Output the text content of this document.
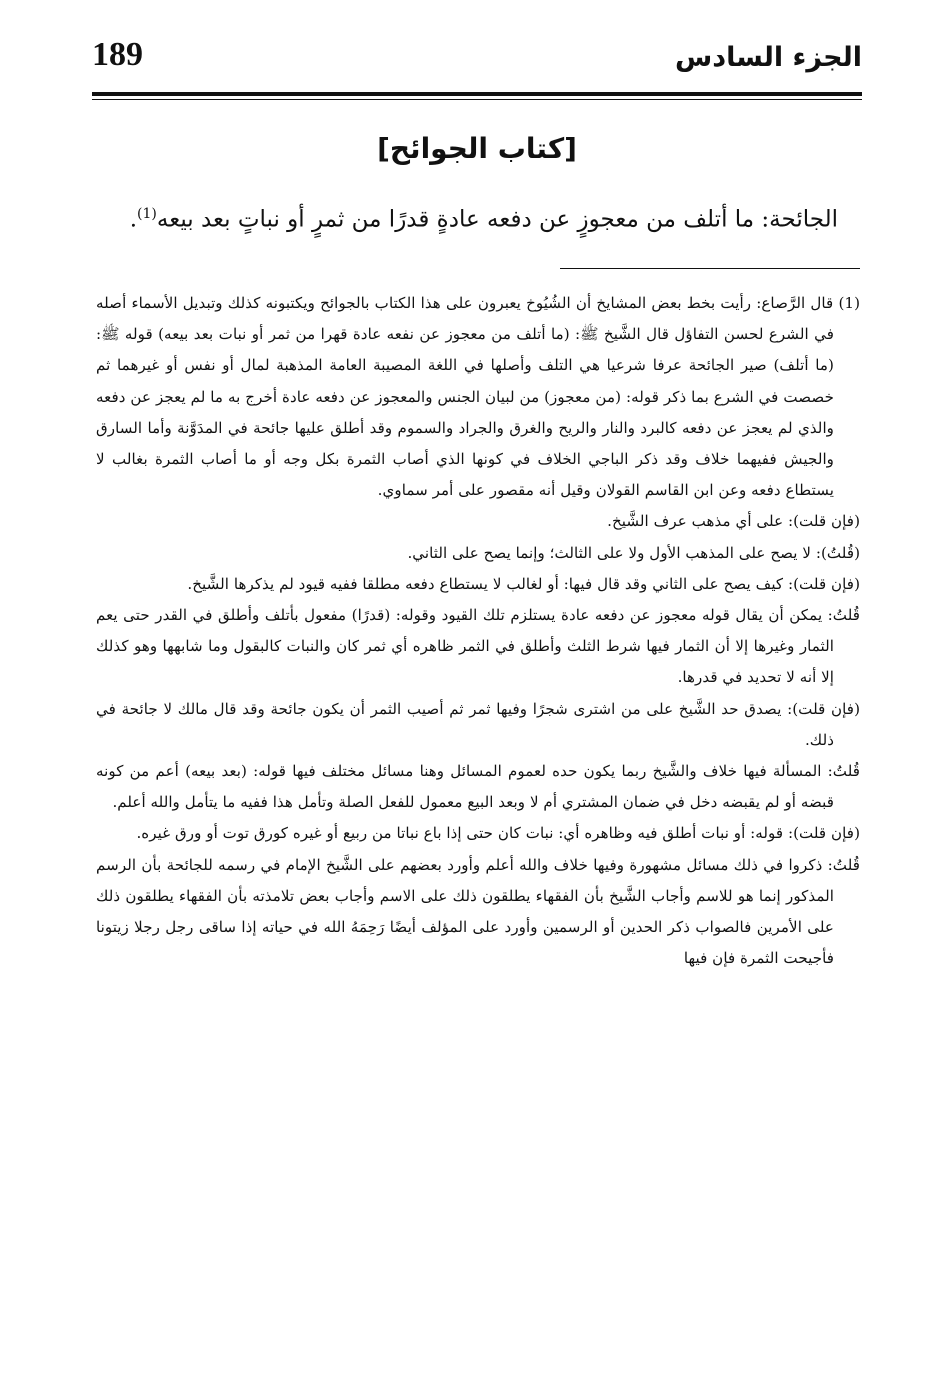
189	الجزء السادس
[كتاب الجوائح]
الجائحة: ما أتلف من معجوزٍ عن دفعه عادةٍ قدرًا من ثمرٍ أو نباتٍ بعد بيعه$^{(1)}$.

(1) قال الرَّصاع: رأيت بخط بعض المشايخ أن الشُيُوخ يعبرون على هذا الكتاب بالجوائح ويكتبونه كذلك وتبديل الأسماء أصله في الشرع لحسن التفاؤل قال الشَّيخ ﷺ: (ما أتلف من معجوز عن نفعه عادة قهرا من ثمر أو نبات بعد بيعه) قوله ﷺ: (ما أتلف) صير الجائحة عرفا شرعيا هي التلف وأصلها في اللغة المصيبة العامة المذهبة لمال أو نفس أو غيرهما ثم خصصت في الشرع بما ذكر قوله: (من معجوز) من لبيان الجنس والمعجوز عن دفعه عادة أخرج به ما لم يعجز عن دفعه والذي لم يعجز عن دفعه كالبرد والنار والريح والغرق والجراد والسموم وقد أطلق عليها جائحة في المدَوَّنة وأما السارق والجيش ففيهما خلاف وقد ذكر الباجي الخلاف في كونها الذي أصاب الثمرة بكل وجه أو ما أصاب الثمرة بغالب لا يستطاع دفعه وعن ابن القاسم القولان وقيل أنه مقصور على أمر سماوي.

(فإن قلت): على أي مذهب عرف الشَّيخ.

(قُلتُ): لا يصح على المذهب الأول ولا على الثالث؛ وإنما يصح على الثاني.

(فإن قلت): كيف يصح على الثاني وقد قال فيها: أو لغالب لا يستطاع دفعه مطلقا ففيه قيود لم يذكرها الشَّيخ.

قُلتُ: يمكن أن يقال قوله معجوز عن دفعه عادة يستلزم تلك القيود وقوله: (قدرًا) مفعول بأتلف وأطلق في القدر حتى يعم الثمار وغيرها إلا أن الثمار فيها شرط الثلث وأطلق في الثمر ظاهره أي ثمر كان والنبات كالبقول وما شابهها وهو كذلك إلا أنه لا تحديد في قدرها.

(فإن قلت): يصدق حد الشَّيخ على من اشترى شجرًا وفيها ثمر ثم أصيب الثمر أن يكون جائحة وقد قال مالك لا جائحة في ذلك.

قُلتُ: المسألة فيها خلاف والشَّيخ ربما يكون حده لعموم المسائل وهنا مسائل مختلف فيها قوله: (بعد بيعه) أعم من كونه قبضه أو لم يقبضه دخل في ضمان المشتري أم لا وبعد البيع معمول للفعل الصلة وتأمل هذا ففيه ما يتأمل والله أعلم.

(فإن قلت): قوله: أو نبات أطلق فيه وظاهره أي: نبات كان حتى إذا باع نباتا من ربيع أو غيره كورق توت أو ورق غيره.

قُلتُ: ذكروا في ذلك مسائل مشهورة وفيها خلاف والله أعلم وأورد بعضهم على الشَّيخ الإمام في رسمه للجائحة بأن الرسم المذكور إنما هو للاسم وأجاب الشَّيخ بأن الفقهاء يطلقون ذلك على الاسم وأجاب بعض تلامذته بأن الفقهاء يطلقون ذلك على الأمرين فالصواب ذكر الحدين أو الرسمين وأورد على المؤلف أيضًا رَحِمَهُ الله في حياته إذا ساقى رجل رجلا زيتونا فأجيحت الثمرة فإن فيها
